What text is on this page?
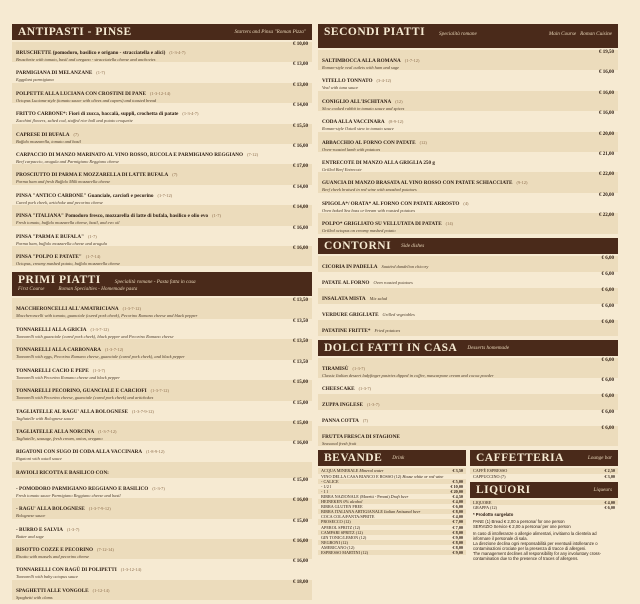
ANTIPASTI - PINSE	Starters and Pinsa "Roman Pizza"
BRUSCHETTE (pomodoro, basilico e origano - stracciatella e alici) (1-3-4-7)
Bruschette with tomato, basil and oregano - stracciatella cheese and anchovies
€ 10,00
PARMIGIANA DI MELANZANE (1-7)
Eggplant parmigiana
€ 13,00
POLPETTE ALLA LUCIANA CON CROSTINI DI PANE (1-3-12-14)
Octopus Luciana-style (tomato sauce with olives and capers) and toasted bread
€ 13,00
FRITTO CARBONE*: Fiori di zucca, baccalà, suppli, crochetta di patate (1-3-4-7)
Zucchini flowers, salted cod, stuffed rice ball and potato croquette
€ 14,00
CAPRESE DI BUFALA (7)
Buffalo mozzarella, tomato and basil
€ 15,50
CARPACCIO DI MANZO MARINATO AL VINO ROSSO, RUCOLA E PARMIGIANO REGGIANO (7-12)
Beef carpaccio, arugula and Parmigiano Reggiano cheese
€ 16,00
PROSCIUTTO DI PARMA E MOZZARELLA DI LATTE BUFALA (7)
Parma ham and fresh Buffalo Milk mozzarella cheese
€ 17,00
PINSA "ANTICO CARBONE" Guanciale, carciofi e pecorino (1-7-12)
Cured pork cheek, artichoke and pecorino cheese
€ 14,00
PINSA "ITALIANA" Pomodoro fresco, mozzarella di latte di bufala, basilico e olio evo (1-7)
Fresh tomato, buffalo mozzarella cheese, basil, and evo oil
€ 14,00
PINSA "PARMA E BUFALA" (1-7)
Parma ham, buffalo mozzarella cheese and arugula
€ 16,00
PINSA "POLPO E PATATE" (1-7-14)
Octopus, creamy mashed potato, buffalo mozzarella cheese
€ 16,00
PRIMI PIATTI	Specialità romane - Pasta fatta in casa
First Course	Roman Specialties - Homemade pasta
MACCHERONCELLI ALL'AMATRICIANA (1-3-7-12)
Maccheroncelli with tomato, guanciale (cured pork cheek), Pecorino Romano cheese and black pepper
€ 13,50
TONNARELLI ALLA GRICIA (1-3-7-12)
Tonnarelli with guanciale (cured pork cheek), black pepper and Pecorino Romano cheese
€ 13,50
TONNARELLI ALLA CARBONARA (1-3-7-12)
Tonnarelli with eggs, Pecorino Romano cheese, guanciale (cured pork cheek), and black pepper
€ 13,50
TONNARELLI CACIO E PEPE (1-3-7)
Tonnarelli with Pecorino Romano cheese and black pepper
€ 13,50
TONNARELLI PECORINO, GUANCIALE E CARCIOFI (1-3-7-12)
Tonnarelli with Pecorino cheese, guanciale (cured pork cheek) and artichokes
€ 15,00
TAGLIATELLE AL RAGU' ALLA BOLOGNESE (1-3-7-9-12)
Tagliatelle with Bolognese sauce
€ 15,00
TAGLIATELLE ALLA NORCINA (1-3-7-12)
Tagliatelle, sausage, fresh cream, onion, oregano
€ 15,00
RIGATONI CON SUGO DI CODA ALLA VACCINARA (1-8-9-12)
Rigatoni with oxtail sauce
€ 16,00
RAVIOLI RICOTTA E BASILICO CON:
- POMODORO PARMIGIANO REGGIANO E BASILICO (1-3-7)
Fresh tomato sauce Parmigiano Reggiano cheese and basil
€ 15,00
- RAGU' ALLA BOLOGNESE (1-3-7-9-12)
Bolognese sauce
€ 16,00
- BURRO E SALVIA (1-3-7)
Butter and sage
€ 15,00
RISOTTO COZZE E PECORINO (7-12-14)
Risotto with mussels and pecorino cheese
€ 16,00
TONNARELLI CON RAGÙ DI POLIPETTI (1-3-12-14)
Tonnarelli with baby octopus sauce
€ 16,00
SPAGHETTI ALLE VONGOLE (1-12-14)
Spaghetti with clams
€ 18,00
SECONDI PIATTI	Specialità romane	Main Course Roman Cuisine
SALTIMBOCCA ALLA ROMANA (1-7-12)
Roman-style veal cutlets with ham and sage
€ 19,50
VITELLO TONNATO (3-4-12)
Veal with tuna sauce
€ 16,00
CONIGLIO ALL'ISCHITANA (12)
Slow cooked rabbit in tomato sauce and spices
€ 16,00
CODA ALLA VACCINARA (8-9-12)
Roman-style Oxtail stew in tomato sauce
€ 16,00
ABBACCHIO AL FORNO CON PATATE (12)
Oven-roasted lamb with potatoes
€ 20,00
ENTRECOTE DI MANZO ALLA GRIGLIA 250 g
Grilled Beef Entrecote
€ 21,00
GUANCIA DI MANZO BRASATA AL VINO ROSSO CON PATATE SCHIACCIATE (9-12)
Beef cheek braised in red wine with smashed potatoes
€ 22,00
SPIGOLA*/ ORATA* AL FORNO CON PATATE ARROSTO (4)
Oven baked Sea bass or bream with roasted potatoes
€ 20,00
POLPO* GRIGLIATO SU VELLUTATA DI PATATE (14)
Grilled octopus on creamy mashed potato
€ 22,00
CONTORNI Side dishes
CICORIA IN PADELLA Sautéed dandelion chicory
€ 6,00
PATATE AL FORNO Oven roasted potatoes
€ 6,00
INSALATA MISTA Mix salad
€ 6,00
VERDURE GRIGLIATE Grilled vegetables
€ 6,00
PATATINE FRITTE* Fried potatoes
€ 6,00
DOLCI FATTI IN CASA Desserts homemade
TIRAMISÙ (1-3-7)
Classic Italian dessert ladyfinger pastries dipped in coffee, mascarpone cream and cocoa powder
€ 6,00
CHEESCAKE (1-3-7)
€ 6,00
ZUPPA INGLESE (1-3-7)
€ 6,00
PANNA COTTA (7)
€ 6,00
FRUTTA FRESCA DI STAGIONE
Seasonal fresh fruit
€ 6,00
BEVANDE Drink
ACQUA MINERALE Mineral water	€ 3,50
VINO DELLA CASA BIANCO E ROSSO (12) House white or red wine
- CALICE	€ 5,00
- 1/2 l	€ 10,00
- 1 l	€ 20,00
BIRRA NAZIONALE (Moretti - Peroni) Draft beer	€ 4,50
HEINEKEN 0% alcohol	€ 4,00
BIRRA GLUTEN FREE	€ 6,00
BIRRA ITALIANA ARTIGIANALE Italian Artisanal beer	€ 8,00
COCA COLA/FANTA/SPRITE	€ 4,00
PROSECCO (12)	€ 7,00
APEROL SPRITZ (12)	€ 7,00
CAMPARI SPRITZ (12)	€ 8,00
GIN TONIC/LEMON (12)	€ 9,00
NEGRONI (12)	€ 8,00
AMERICANO (12)	€ 8,00
ESPRESSO MARTINI (12)	€ 9,00
CAFFETTERIA	Lounge bar
CAFFÈ ESPRESSO	€ 2,50
CAPPUCCINO (7)	€ 3,00
LIQUORI	Liqueurs
LIQUORE	€ 4,00
GRAPPA (12)	€ 6,00
* Prodotto surgelato
PANE (1) Bread € 2,00 a persona/ for one person
SERVIZIO Service € 2,00 a persona/ per one person
In caso di intolleranze o allergie alimentari, invitiamo la clientela ad informare il personale di sala.
La direzione declina ogni responsabilità per eventuali intolleranze o contaminazioni crociate per la presenza di tracce di allergeni.
The management declines all responsibility for any involuntary cross-contamination due to the presence of traces of allergens.
